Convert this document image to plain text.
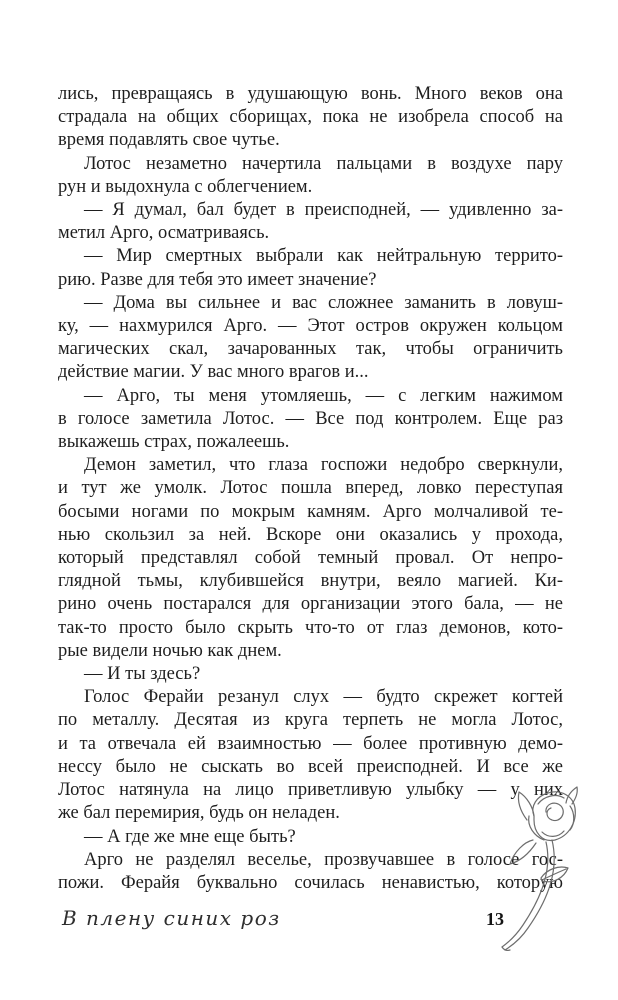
лись, превращаясь в удушающую вонь. Много веков она
страдала на общих сборищах, пока не изобрела способ на
время подавлять свое чутье.
Лотос незаметно начертила пальцами в воздухе пару
рун и выдохнула с облегчением.
— Я думал, бал будет в преисподней, — удивленно за-
метил Арго, осматриваясь.
— Мир смертных выбрали как нейтральную террито-
рию. Разве для тебя это имеет значение?
— Дома вы сильнее и вас сложнее заманить в ловуш-
ку, — нахмурился Арго. — Этот остров окружен кольцом
магических скал, зачарованных так, чтобы ограничить
действие магии. У вас много врагов и...
— Арго, ты меня утомляешь, — с легким нажимом
в голосе заметила Лотос. — Все под контролем. Еще раз
выкажешь страх, пожалеешь.
Демон заметил, что глаза госпожи недобро сверкнули,
и тут же умолк. Лотос пошла вперед, ловко переступая
босыми ногами по мокрым камням. Арго молчаливой те-
нью скользил за ней. Вскоре они оказались у прохода,
который представлял собой темный провал. От непро-
глядной тьмы, клубившейся внутри, веяло магией. Ки-
рино очень постарался для организации этого бала, — не
так-то просто было скрыть что-то от глаз демонов, кото-
рые видели ночью как днем.
— И ты здесь?
Голос Ферайи резанул слух — будто скрежет когтей
по металлу. Десятая из круга терпеть не могла Лотос,
и та отвечала ей взаимностью — более противную демо-
нессу было не сыскать во всей преисподней. И все же
Лотос натянула на лицо приветливую улыбку — у них
же бал перемирия, будь он неладен.
— А где же мне еще быть?
Арго не разделял веселье, прозвучавшее в голосе гос-
пожи. Ферайя буквально сочилась ненавистью, которую
В плену синих роз	13
